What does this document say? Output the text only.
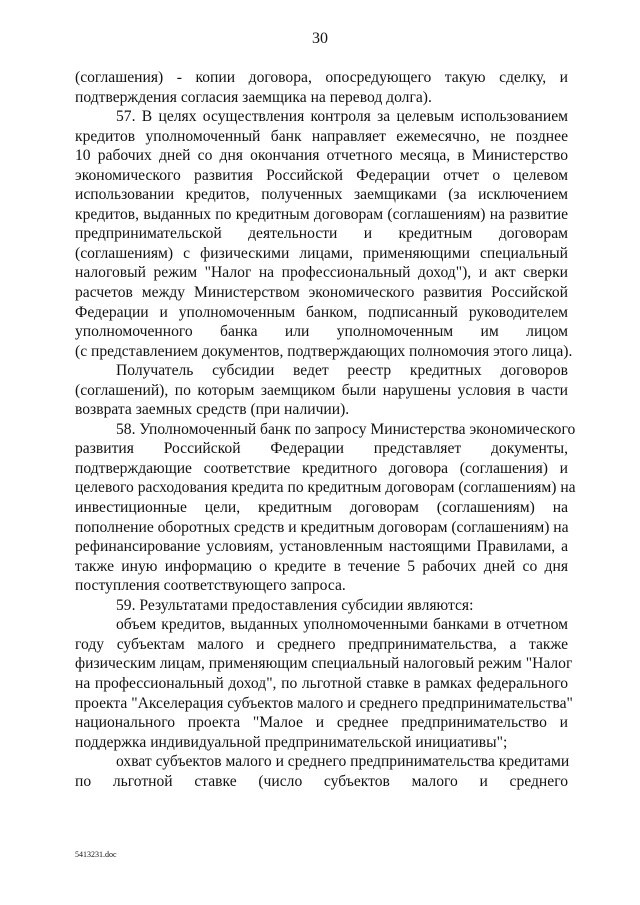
30
(соглашения) - копии договора, опосредующего такую сделку, и
подтверждения согласия заемщика на перевод долга).
57. В целях осуществления контроля за целевым использованием
кредитов уполномоченный банк направляет ежемесячно, не позднее
10 рабочих дней со дня окончания отчетного месяца, в Министерство
экономического развития Российской Федерации отчет о целевом
использовании кредитов, полученных заемщиками (за исключением
кредитов, выданных по кредитным договорам (соглашениям) на развитие
предпринимательской деятельности и кредитным договорам
(соглашениям) с физическими лицами, применяющими специальный
налоговый режим "Налог на профессиональный доход"), и акт сверки
расчетов между Министерством экономического развития Российской
Федерации и уполномоченным банком, подписанный руководителем
уполномоченного банка или уполномоченным им лицом
(с представлением документов, подтверждающих полномочия этого лица).
Получатель субсидии ведет реестр кредитных договоров
(соглашений), по которым заемщиком были нарушены условия в части
возврата заемных средств (при наличии).
58. Уполномоченный банк по запросу Министерства экономического
развития Российской Федерации представляет документы,
подтверждающие соответствие кредитного договора (соглашения) и
целевого расходования кредита по кредитным договорам (соглашениям) на
инвестиционные цели, кредитным договорам (соглашениям) на
пополнение оборотных средств и кредитным договорам (соглашениям) на
рефинансирование условиям, установленным настоящими Правилами, а
также иную информацию о кредите в течение 5 рабочих дней со дня
поступления соответствующего запроса.
59. Результатами предоставления субсидии являются:
объем кредитов, выданных уполномоченными банками в отчетном
году субъектам малого и среднего предпринимательства, а также
физическим лицам, применяющим специальный налоговый режим "Налог
на профессиональный доход", по льготной ставке в рамках федерального
проекта "Акселерация субъектов малого и среднего предпринимательства"
национального проекта "Малое и среднее предпринимательство и
поддержка индивидуальной предпринимательской инициативы";
охват субъектов малого и среднего предпринимательства кредитами
по льготной ставке (число субъектов малого и среднего
5413231.doc
